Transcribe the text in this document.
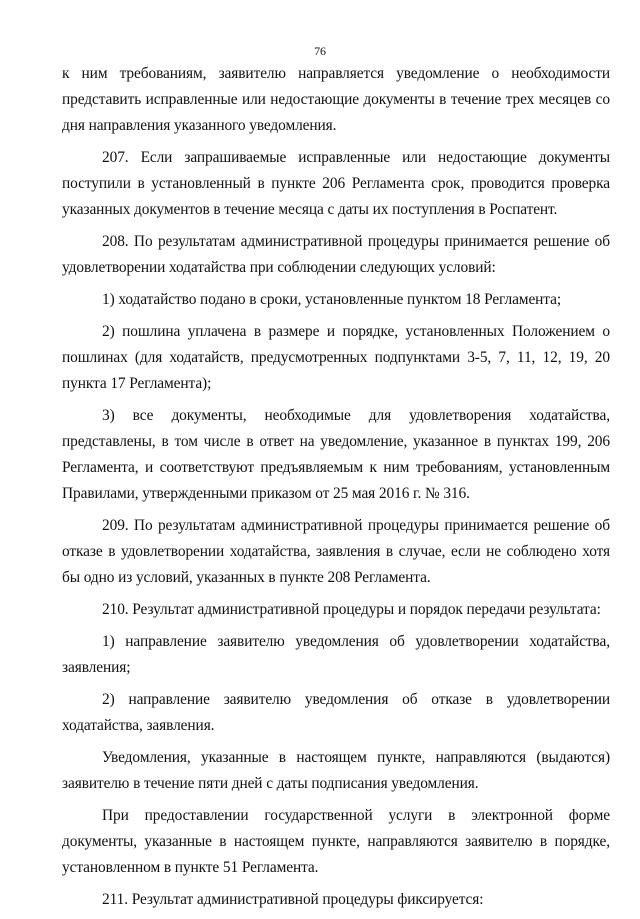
76

к ним требованиям, заявителю направляется уведомление о необходимости представить исправленные или недостающие документы в течение трех месяцев со дня направления указанного уведомления.

207. Если запрашиваемые исправленные или недостающие документы поступили в установленный в пункте 206 Регламента срок, проводится проверка указанных документов в течение месяца с даты их поступления в Роспатент.

208. По результатам административной процедуры принимается решение об удовлетворении ходатайства при соблюдении следующих условий:

1) ходатайство подано в сроки, установленные пунктом 18 Регламента;

2) пошлина уплачена в размере и порядке, установленных Положением о пошлинах (для ходатайств, предусмотренных подпунктами 3-5, 7, 11, 12, 19, 20 пункта 17 Регламента);

3) все документы, необходимые для удовлетворения ходатайства, представлены, в том числе в ответ на уведомление, указанное в пунктах 199, 206 Регламента, и соответствуют предъявляемым к ним требованиям, установленным Правилами, утвержденными приказом от 25 мая 2016 г. № 316.

209. По результатам административной процедуры принимается решение об отказе в удовлетворении ходатайства, заявления в случае, если не соблюдено хотя бы одно из условий, указанных в пункте 208 Регламента.

210. Результат административной процедуры и порядок передачи результата:

1) направление заявителю уведомления об удовлетворении ходатайства, заявления;

2) направление заявителю уведомления об отказе в удовлетворении ходатайства, заявления.

Уведомления, указанные в настоящем пункте, направляются (выдаются) заявителю в течение пяти дней с даты подписания уведомления.

При предоставлении государственной услуги в электронной форме документы, указанные в настоящем пункте, направляются заявителю в порядке, установленном в пункте 51 Регламента.

211. Результат административной процедуры фиксируется:
